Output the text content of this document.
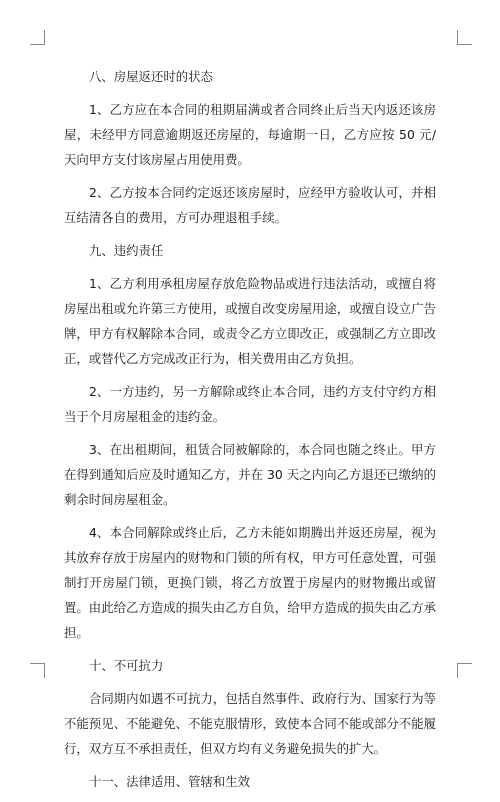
八、房屋返还时的状态

1、乙方应在本合同的租期届满或者合同终止后当天内返还该房屋，未经甲方同意逾期返还房屋的，每逾期一日，乙方应按 50 元/天向甲方支付该房屋占用使用费。

2、乙方按本合同约定返还该房屋时，应经甲方验收认可，并相互结清各自的费用，方可办理退租手续。

九、违约责任

1、乙方利用承租房屋存放危险物品或进行违法活动，或擅自将房屋出租或允许第三方使用，或擅自改变房屋用途，或擅自设立广告牌，甲方有权解除本合同，或责令乙方立即改正，或强制乙方立即改正，或替代乙方完成改正行为，相关费用由乙方负担。

2、一方违约，另一方解除或终止本合同，违约方支付守约方相当于个月房屋租金的违约金。

3、在出租期间，租赁合同被解除的，本合同也随之终止。甲方在得到通知后应及时通知乙方，并在 30 天之内向乙方退还已缴纳的剩余时间房屋租金。

4、本合同解除或终止后，乙方未能如期腾出并返还房屋，视为其放弃存放于房屋内的财物和门锁的所有权，甲方可任意处置，可强制打开房屋门锁，更换门锁，将乙方放置于房屋内的财物搬出或留置。由此给乙方造成的损失由乙方自负，给甲方造成的损失由乙方承担。

十、不可抗力

合同期内如遇不可抗力，包括自然事件、政府行为、国家行为等不能预见、不能避免、不能克服情形，致使本合同不能或部分不能履行，双方互不承担责任，但双方均有义务避免损失的扩大。

十一、法律适用、管辖和生效
